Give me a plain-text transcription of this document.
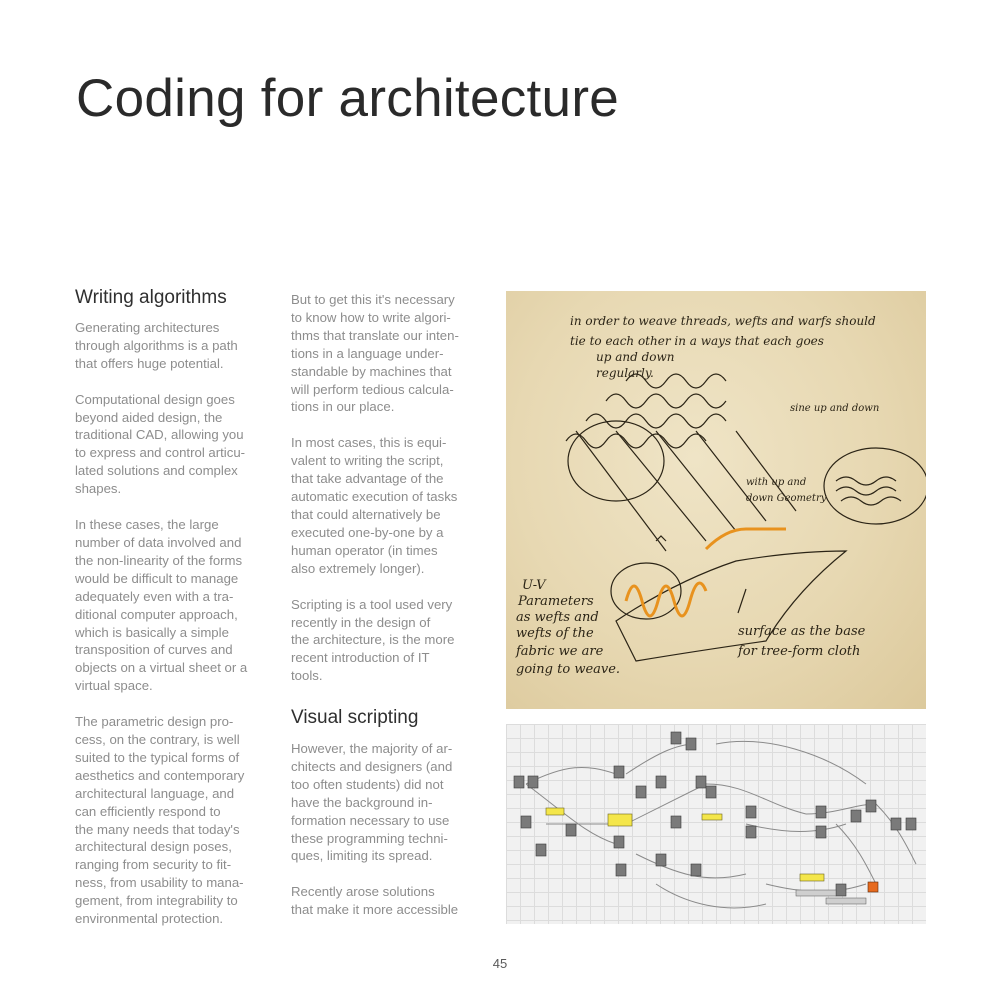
Coding for architecture
Writing algorithms

Generating architectures
through algorithms is a path
that offers huge potential.

Computational design goes
beyond aided design, the
traditional CAD, allowing you
to express and control articu-
lated solutions and complex
shapes.

In these cases, the large
number of data involved and
the non-linearity of the forms
would be difficult to manage
adequately even with a tra-
ditional computer approach,
which is basically a simple
transposition of curves and
objects on a virtual sheet or a
virtual space.

The parametric design pro-
cess, on the contrary, is well
suited to the typical forms of
aesthetics and contemporary
architectural language, and
can efficiently respond to
the many needs that today's
architectural design poses,
ranging from security to fit-
ness, from usability to mana-
gement, from integrability to
environmental protection.

But to get this it's necessary
to know how to write algori-
thms that translate our inten-
tions in a language under-
standable by machines that
will perform tedious calcula-
tions in our place.

In most cases, this is equi-
valent to writing the script,
that take advantage of the
automatic execution of tasks
that could alternatively be
executed one-by-one by a
human operator (in times
also extremely longer).

Scripting is a tool used very
recently in the design of
the architecture, is the more
recent introduction of IT
tools.

Visual scripting

However, the majority of ar-
chitects and designers (and
too often students) did not
have the background in-
formation necessary to use
these programming techni-
ques, limiting its spread.

Recently arose solutions
that make it more accessible

in order to weave threads, wefts and warfs should
tie to each other in a ways that each goes
up and down
regularly.
sine up and down
with up and
down Geometry
U-V
Parameters
as wefts and
wefts of the
fabric we are
going to weave.
surface as the base
for tree-form cloth
45
